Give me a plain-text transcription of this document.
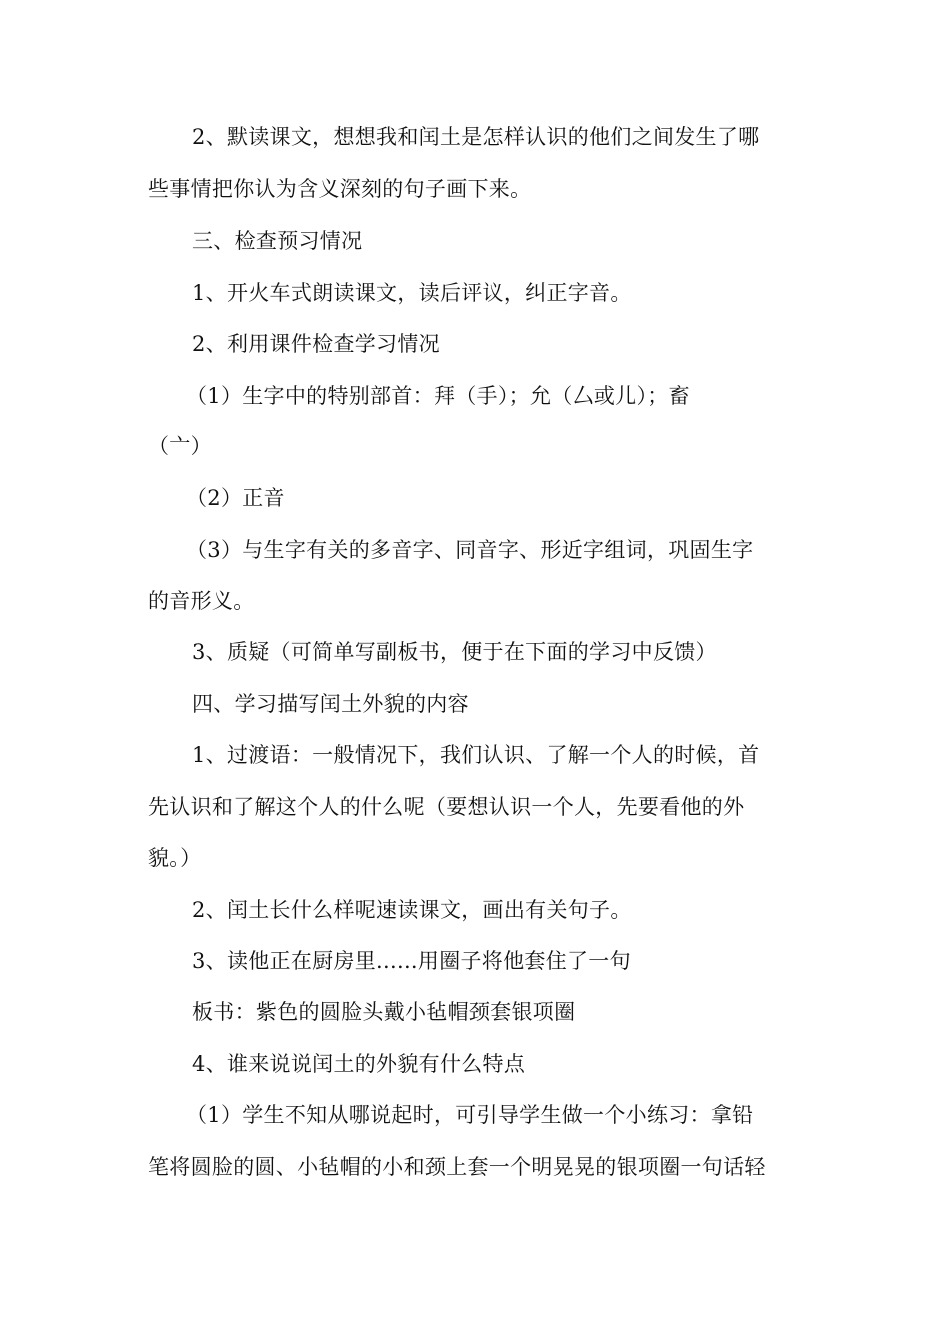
2、默读课文，想想我和闰土是怎样认识的他们之间发生了哪
些事情把你认为含义深刻的句子画下来。
三、检查预习情况
1、开火车式朗读课文，读后评议，纠正字音。
2、利用课件检查学习情况
（1）生字中的特别部首：拜（手）；允（厶或儿）；畜
（亠）
（2）正音
（3）与生字有关的多音字、同音字、形近字组词，巩固生字
的音形义。
3、质疑（可简单写副板书，便于在下面的学习中反馈）
四、学习描写闰土外貌的内容
1、过渡语：一般情况下，我们认识、了解一个人的时候，首
先认识和了解这个人的什么呢（要想认识一个人，先要看他的外
貌。）
2、闰土长什么样呢速读课文，画出有关句子。
3、读他正在厨房里......用圈子将他套住了一句
板书：紫色的圆脸头戴小毡帽颈套银项圈
4、谁来说说闰土的外貌有什么特点
（1）学生不知从哪说起时，可引导学生做一个小练习：拿铅
笔将圆脸的圆、小毡帽的小和颈上套一个明晃晃的银项圈一句话轻
